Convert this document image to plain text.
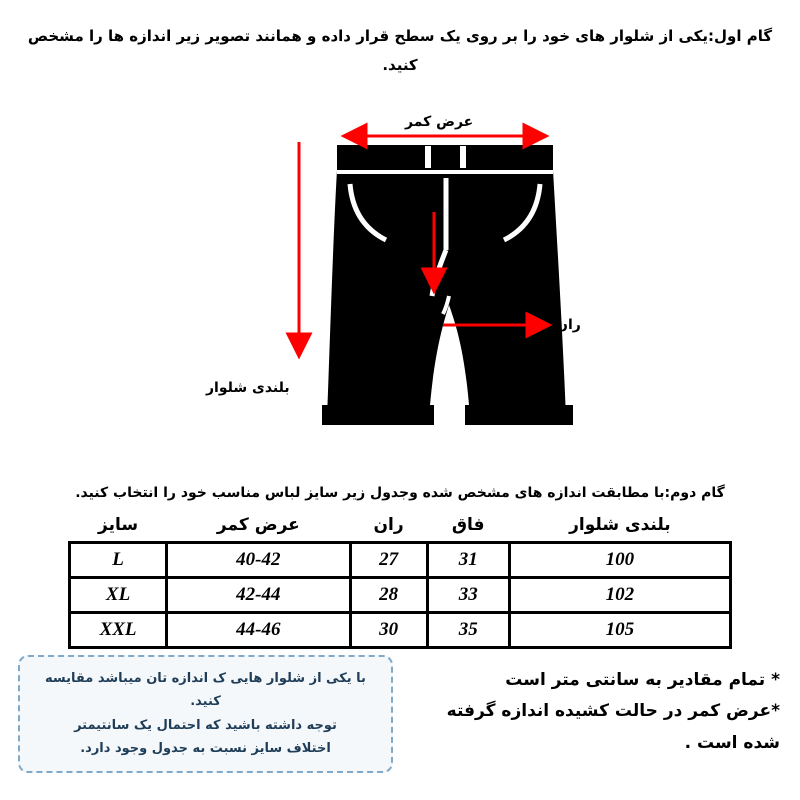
گام اول:یکی از شلوار های خود را بر روی یک سطح قرار داده و همانند تصویر زیر اندازه ها را مشخص کنید.
عرض کمر
فاق
ران
بلندی شلوار
گام دوم:با مطابقت اندازه های مشخص شده وجدول زیر سایز لباس مناسب خود را انتخاب کنید.
بلندی شلوار	فاق	ران	عرض کمر	سایز
100	31	27	40-42	L
102	33	28	42-44	XL
105	35	30	44-46	XXL
* تمام مقادیر به سانتی متر است
*عرض کمر در حالت کشیده اندازه گرفته
شده است .
با یکی از شلوار هایی ک اندازه تان میباشد مقایسه کنید.
توجه داشته باشید که احتمال یک سانتیمتر
اختلاف سایز نسبت به جدول وجود دارد.
